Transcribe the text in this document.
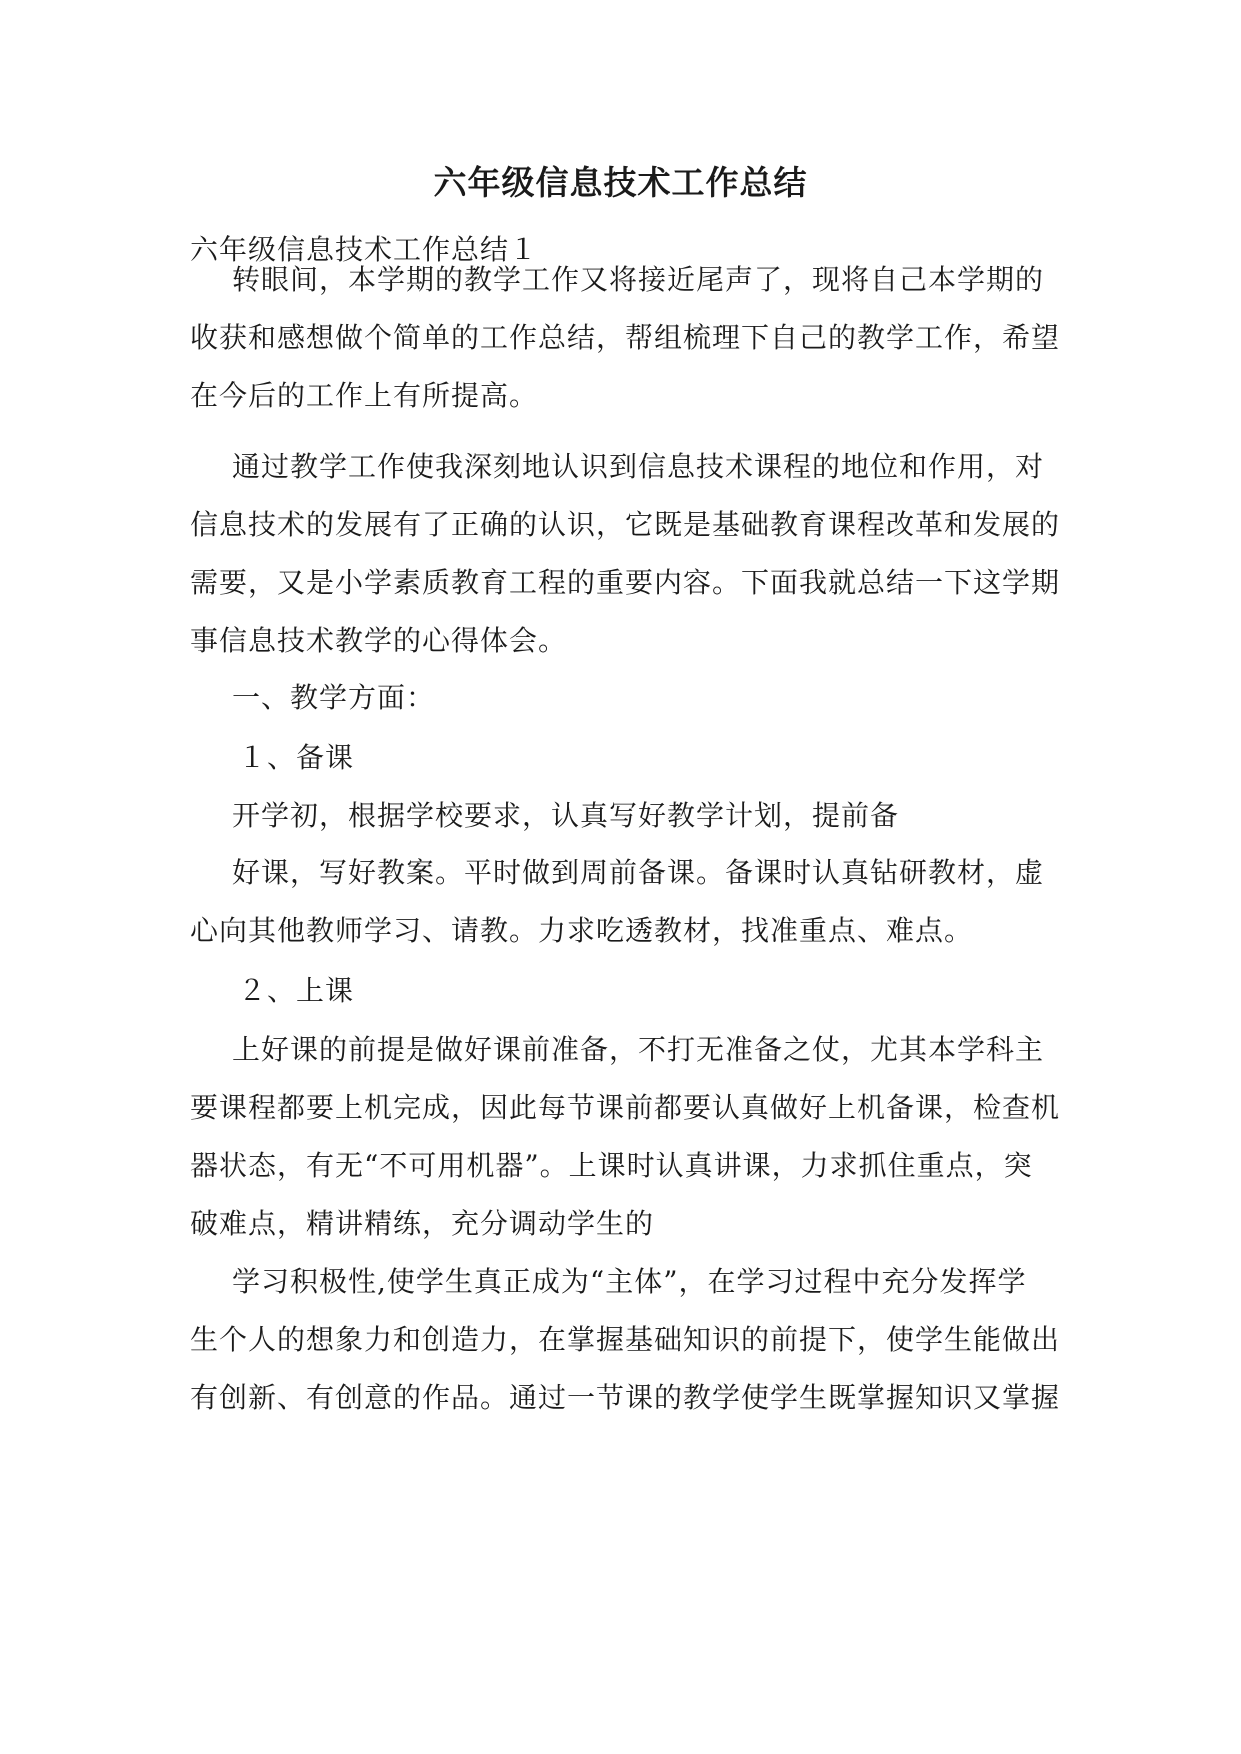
六年级信息技术工作总结
六年级信息技术工作总结１
转眼间，本学期的教学工作又将接近尾声了，现将自己本学期的
收获和感想做个简单的工作总结，帮组梳理下自己的教学工作，希望
在今后的工作上有所提高。
通过教学工作使我深刻地认识到信息技术课程的地位和作用，对
信息技术的发展有了正确的认识，它既是基础教育课程改革和发展的
需要，又是小学素质教育工程的重要内容。下面我就总结一下这学期
事信息技术教学的心得体会。
一、教学方面：
１、备课
开学初，根据学校要求，认真写好教学计划，提前备
好课，写好教案。平时做到周前备课。备课时认真钻研教材，虚
心向其他教师学习、请教。力求吃透教材，找准重点、难点。
２、上课
上好课的前提是做好课前准备，不打无准备之仗，尤其本学科主
要课程都要上机完成，因此每节课前都要认真做好上机备课，检查机
器状态，有无“不可用机器”。上课时认真讲课，力求抓住重点，突
破难点，精讲精练，充分调动学生的
学习积极性,使学生真正成为“主体”，在学习过程中充分发挥学
生个人的想象力和创造力，在掌握基础知识的前提下，使学生能做出
有创新、有创意的作品。通过一节课的教学使学生既掌握知识又掌握
